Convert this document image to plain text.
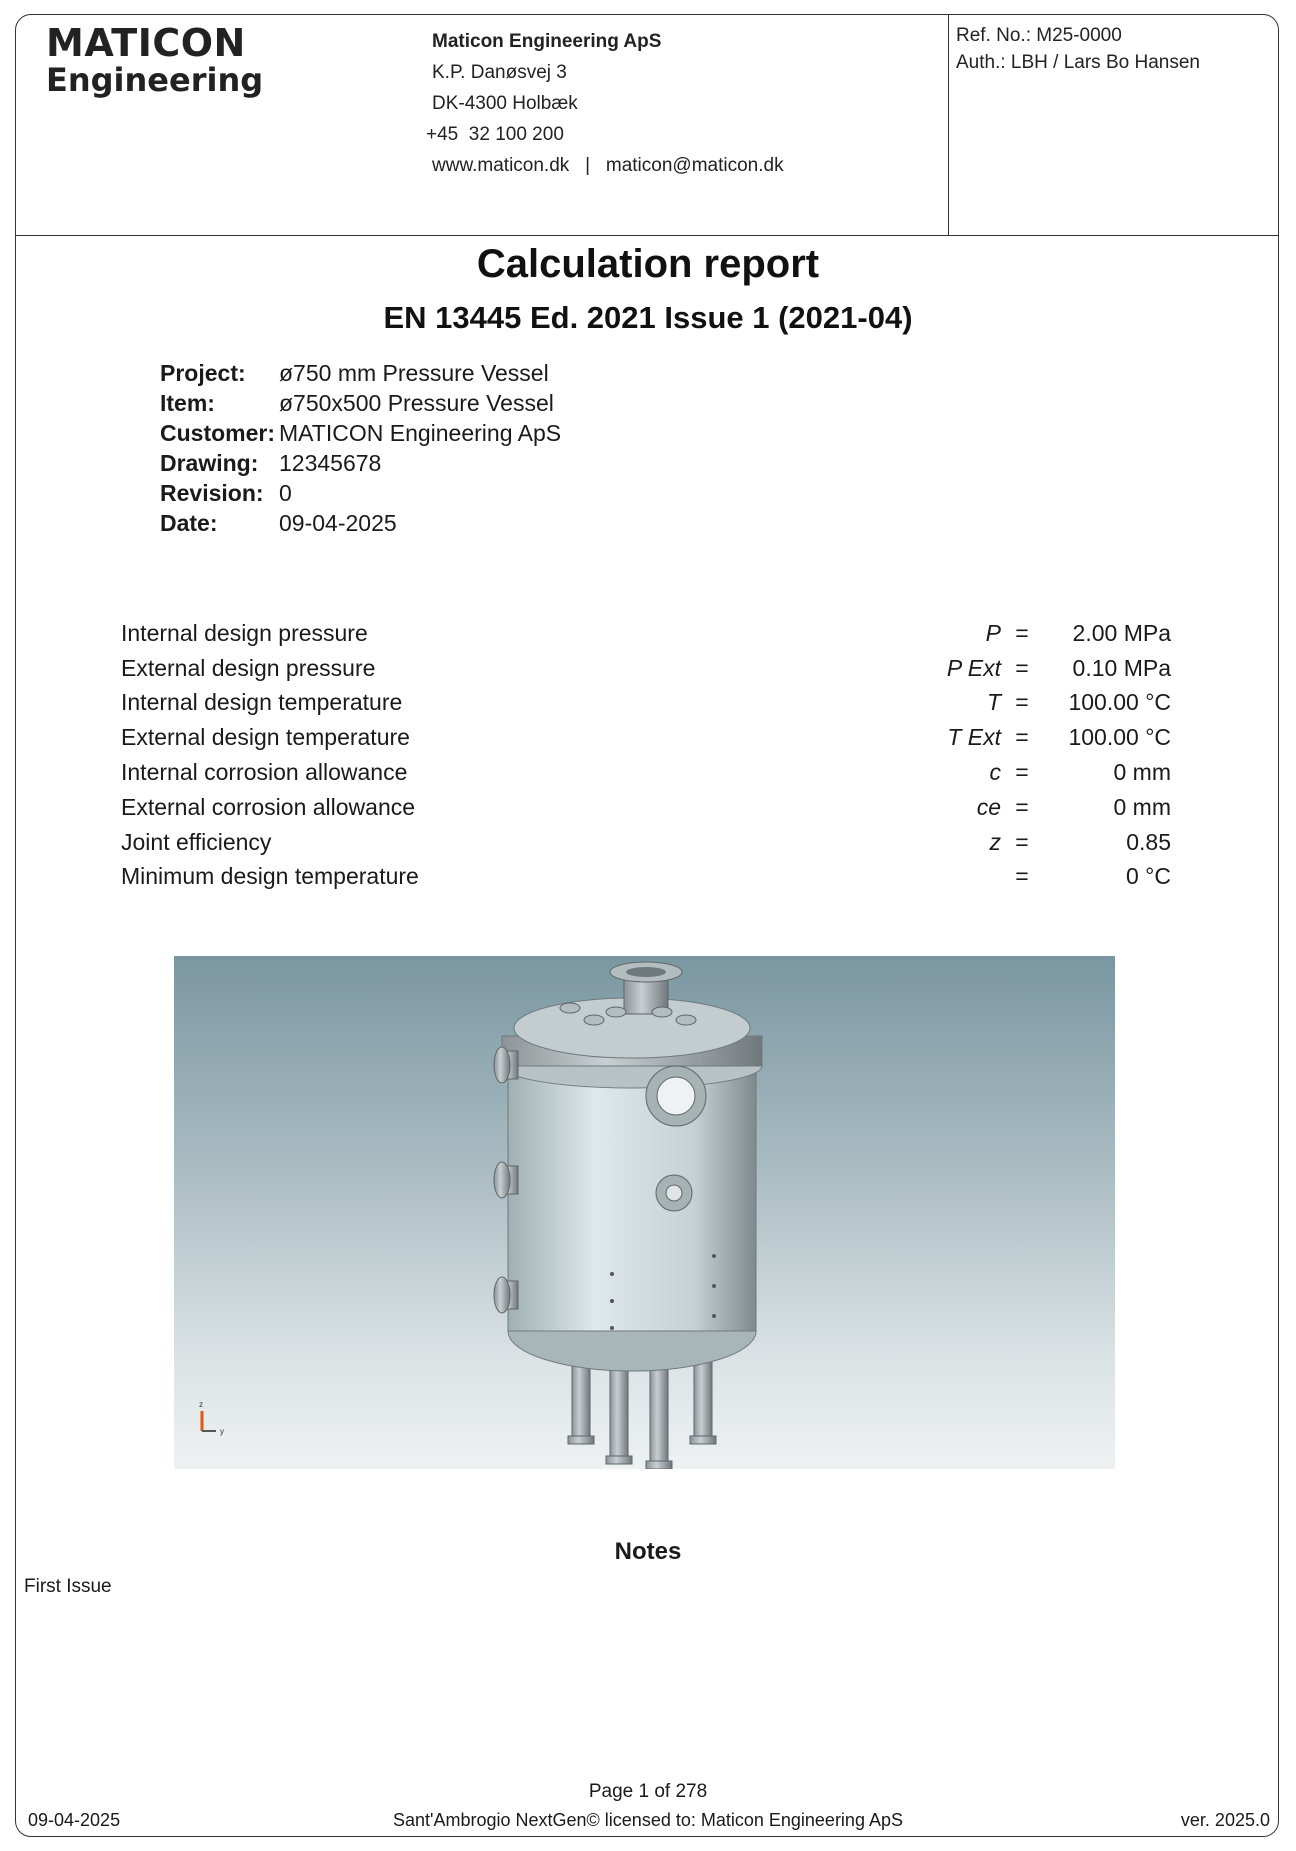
MATICON
Engineering
Maticon Engineering ApS
K.P. Danøsvej 3
DK-4300 Holbæk
+45  32 100 200
www.maticon.dk   |   maticon@maticon.dk
Ref. No.: M25-0000
Auth.: LBH / Lars Bo Hansen
Calculation report
EN 13445 Ed. 2021 Issue 1 (2021-04)
Project:	ø750 mm Pressure Vessel
Item:	ø750x500 Pressure Vessel
Customer:	MATICON Engineering ApS
Drawing:	12345678
Revision:	0
Date:	09-04-2025
Internal design pressure	P	=	2.00 MPa
External design pressure	P Ext	=	0.10 MPa
Internal design temperature	T	=	100.00 °C
External design temperature	T Ext	=	100.00 °C
Internal corrosion allowance	c	=	0 mm
External corrosion allowance	ce	=	0 mm
Joint efficiency	z	=	0.85
Minimum design temperature		=	0 °C
z
y
Notes
First Issue
Page 1 of 278
09-04-2025	Sant'Ambrogio NextGen© licensed to: Maticon Engineering ApS	ver. 2025.0
